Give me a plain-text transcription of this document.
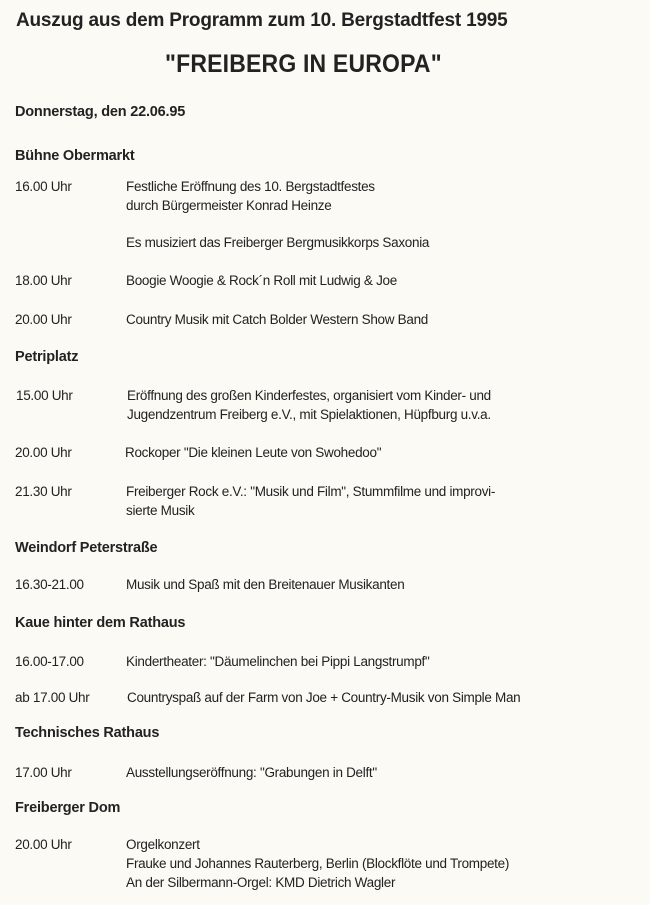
Auszug aus dem Programm zum 10. Bergstadtfest 1995
"FREIBERG IN EUROPA"
Donnerstag, den 22.06.95
Bühne Obermarkt
16.00 Uhr	Festliche Eröffnung des 10. Bergstadtfestes
durch Bürgermeister Konrad Heinze
Es musiziert das Freiberger Bergmusikkorps Saxonia
18.00 Uhr	Boogie Woogie & Rock´n Roll mit Ludwig & Joe
20.00 Uhr	Country Musik mit Catch Bolder Western Show Band
Petriplatz
15.00 Uhr	Eröffnung des großen Kinderfestes, organisiert vom Kinder- und
Jugendzentrum Freiberg e.V., mit Spielaktionen, Hüpfburg u.v.a.
20.00 Uhr	Rockoper "Die kleinen Leute von Swohedoo"
21.30 Uhr	Freiberger Rock e.V.: "Musik und Film", Stummfilme und improvi-
sierte Musik
Weindorf Peterstraße
16.30-21.00	Musik und Spaß mit den Breitenauer Musikanten
Kaue hinter dem Rathaus
16.00-17.00	Kindertheater: "Däumelinchen bei Pippi Langstrumpf"
ab 17.00 Uhr	Countryspaß auf der Farm von Joe + Country-Musik von Simple Man
Technisches Rathaus
17.00 Uhr	Ausstellungseröffnung: "Grabungen in Delft"
Freiberger Dom
20.00 Uhr	Orgelkonzert
Frauke und Johannes Rauterberg, Berlin (Blockflöte und Trompete)
An der Silbermann-Orgel: KMD Dietrich Wagler
